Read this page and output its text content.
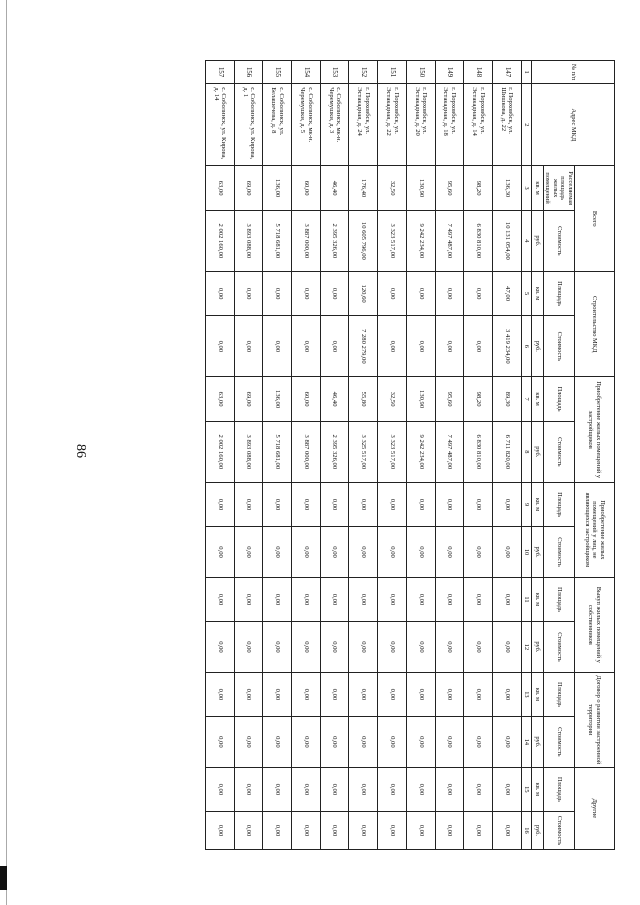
86
№ п/п	Адрес МКД	Всего		Строительство МКД		Приобретение жилых помещений у застройщиков		Приобретение жилых помещений у лиц, не являющихся застройщиком		Выкуп жилых помещений у собственников		Договор о развитии застроенной территории		Другие	
		Расселяемая площадь жилых помещений	Стоимость	Площадь	Стоимость	Площадь	Стоимость	Площадь	Стоимость	Площадь	Стоимость	Площадь	Стоимость	Площадь	Стоимость
		кв. м	руб.	кв. м	руб.	кв. м	руб.	кв. м	руб.	кв. м	руб.	кв. м	руб.	кв. м	руб.
1	2	3	4	5	6	7	8	9	10	11	12	13	14	15	16
147	г. Порховбск, ул. Шишкова, д. 22	136,30	10 131 054,00	47,00	3 419 234,00	89,30	6 711 820,00	0,00	0,00	0,00	0,00	0,00	0,00	0,00	0,00
148	г. Порховбск, ул. Эстакадная, д. 14	98,20	6 830 810,00	0,00	0,00	98,20	6 830 810,00	0,00	0,00	0,00	0,00	0,00	0,00	0,00	0,00
149	г. Порховбск, ул. Эстакадная, д. 18	95,60	7 497 487,00	0,00	0,00	95,60	7 497 487,00	0,00	0,00	0,00	0,00	0,00	0,00	0,00	0,00
150	г. Порховбск, ул. Эстакадная, д. 20	130,90	9 242 234,00	0,00	0,00	130,90	9 242 234,00	0,00	0,00	0,00	0,00	0,00	0,00	0,00	0,00
151	г. Порховбск, ул. Эстакадная, д. 22	32,50	3 323 517,00	0,00	0,00	32,50	3 323 517,00	0,00	0,00	0,00	0,00	0,00	0,00	0,00	0,00
152	г. Порховбск, ул. Эстакадная, д. 24	176,40	10 605 796,00	120,60	7 280 279,00	55,80	3 325 517,00	0,00	0,00	0,00	0,00	0,00	0,00	0,00	0,00
153	с. Соболинск, мк-н. Черемушки, д. 3	46,40	2 395 326,00	0,00	0,00	46,40	2 395 326,00	0,00	0,00	0,00	0,00	0,00	0,00	0,00	0,00
154	с. Соболинск, мк-н. Черемушки, д. 5	60,00	3 887 000,00	0,00	0,00	60,00	3 887 000,00	0,00	0,00	0,00	0,00	0,00	0,00	0,00	0,00
155	с. Соболинск, ул. Белашечева, д. 8	136,00	5 718 681,00	0,00	0,00	136,00	5 718 681,00	0,00	0,00	0,00	0,00	0,00	0,00	0,00	0,00
156	с. Соболинск, ул. Кирова, д. 1	69,00	3 893 088,00	0,00	0,00	69,00	3 893 088,00	0,00	0,00	0,00	0,00	0,00	0,00	0,00	0,00
157	с. Соболинск, ул. Кирова, д. 14	63,00	2 002 160,00	0,00	0,00	63,00	2 002 160,00	0,00	0,00	0,00	0,00	0,00	0,00	0,00	0,00
